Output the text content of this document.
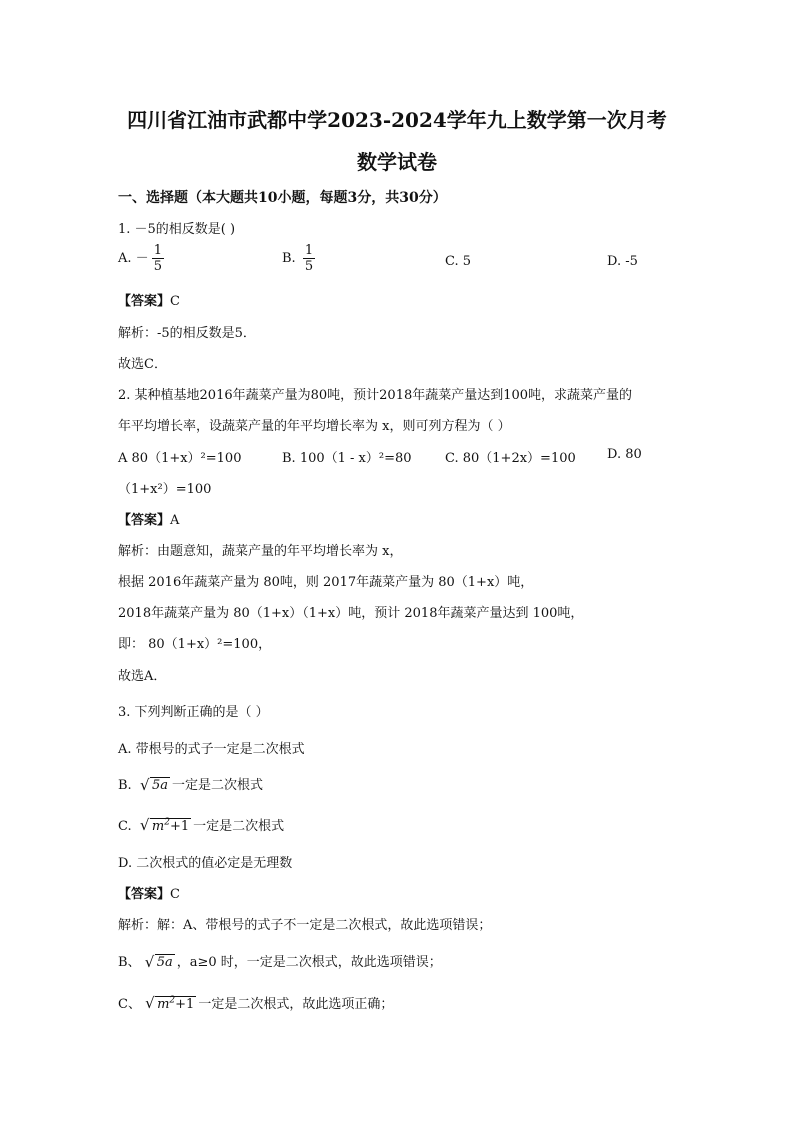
四川省江油市武都中学2023-2024学年九上数学第一次月考
数学试卷
一、选择题（本大题共10小题，每题3分，共30分）
1. －5的相反数是( )
A. － $\frac{1}{5}$	B. $\frac{1}{5}$	C. 5	D. -5
【答案】C
解析：-5的相反数是5．
故选C．
2. 某种植基地2016年蔬菜产量为80吨，预计2018年蔬菜产量达到100吨，求蔬菜产量的
年平均增长率，设蔬菜产量的年平均增长率为 x，则可列方程为（ ）
A 80（1+x）²=100	B. 100（1 - x）²=80	C. 80（1+2x）=100 D. 80
（1+x²）=100
【答案】A
解析：由题意知，蔬菜产量的年平均增长率为 x，
根据 2016年蔬菜产量为 80吨，则 2017年蔬菜产量为 80（1+x）吨，
2018年蔬菜产量为 80（1+x）（1+x）吨，预计 2018年蔬菜产量达到 100吨，
即： 80（1+x）²=100，
故选A．
3. 下列判断正确的是（ ）
A. 带根号的式子一定是二次根式
B. √ 5a 一定是二次根式
C. √ $m^2+1$ 一定是二次根式
D. 二次根式的值必定是无理数
【答案】C
解析：解：A、带根号的式子不一定是二次根式，故此选项错误；
B、 √ 5a ，a≥0 时，一定是二次根式，故此选项错误；
C、 √ $m^2+1$ 一定是二次根式，故此选项正确；
